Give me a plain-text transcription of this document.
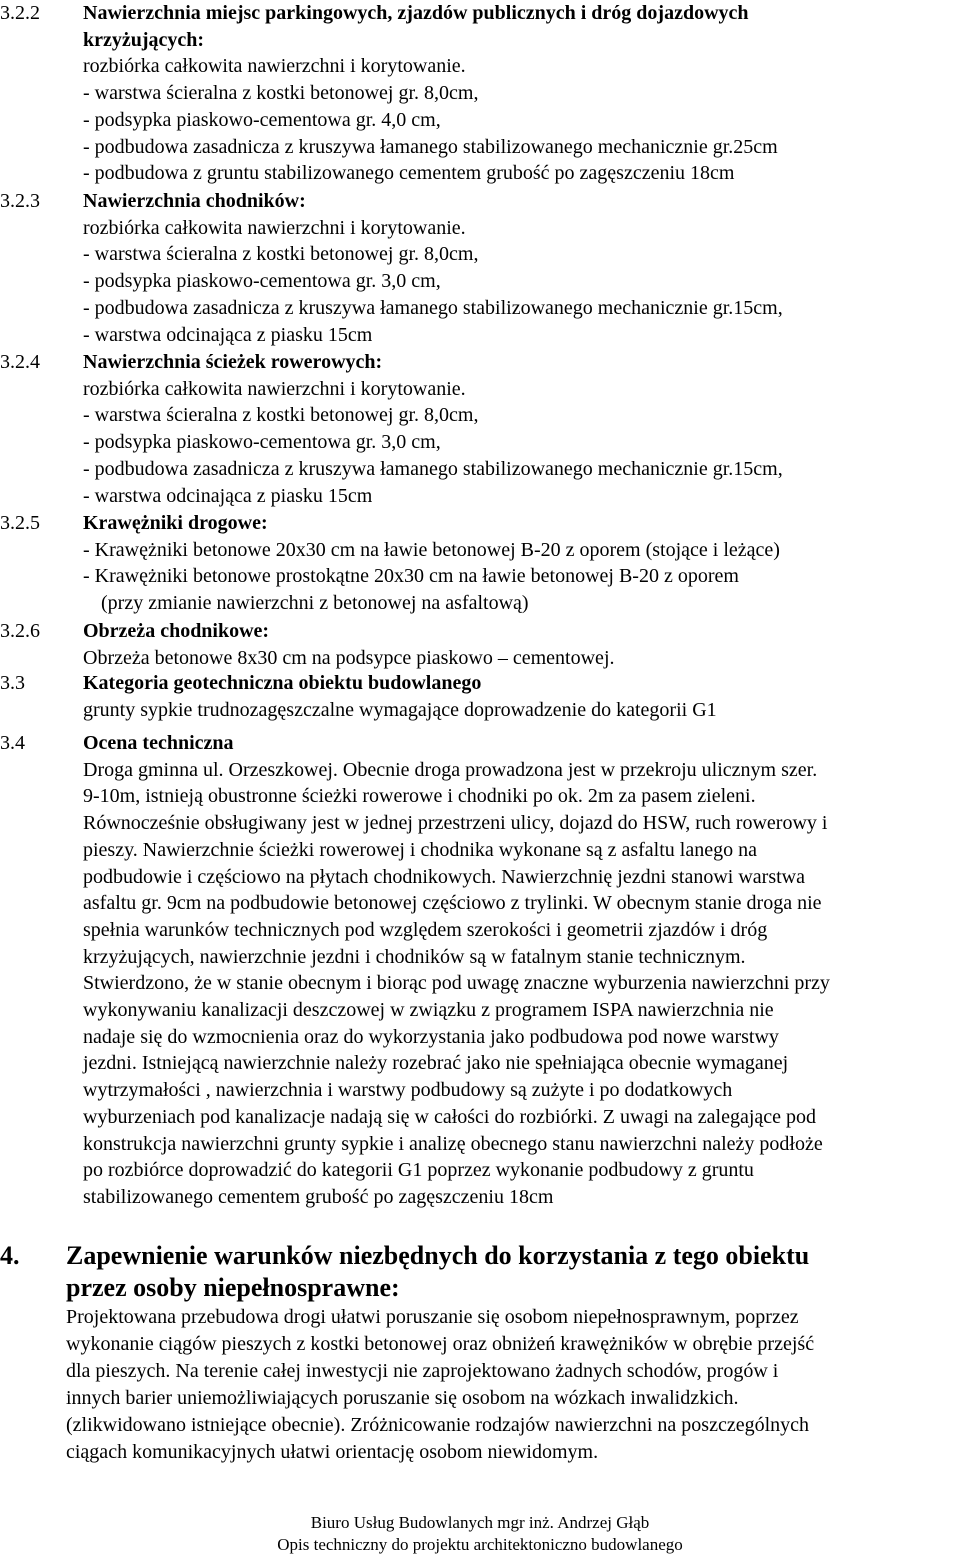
3.2.2	Nawierzchnia miejsc parkingowych, zjazdów publicznych i dróg dojazdowych
krzyżujących:
rozbiórka całkowita nawierzchni i korytowanie.
- warstwa ścieralna z kostki betonowej gr. 8,0cm,
- podsypka piaskowo-cementowa gr. 4,0 cm,
- podbudowa zasadnicza z kruszywa łamanego stabilizowanego mechanicznie gr.25cm
- podbudowa z gruntu stabilizowanego cementem grubość po zagęszczeniu 18cm
3.2.3	Nawierzchnia chodników:
rozbiórka całkowita nawierzchni i korytowanie.
- warstwa ścieralna z kostki betonowej gr. 8,0cm,
- podsypka piaskowo-cementowa gr. 3,0 cm,
- podbudowa zasadnicza z kruszywa łamanego stabilizowanego mechanicznie gr.15cm,
- warstwa odcinająca z piasku 15cm
3.2.4	Nawierzchnia ścieżek rowerowych:
rozbiórka całkowita nawierzchni i korytowanie.
- warstwa ścieralna z kostki betonowej gr. 8,0cm,
- podsypka piaskowo-cementowa gr. 3,0 cm,
- podbudowa zasadnicza z kruszywa łamanego stabilizowanego mechanicznie gr.15cm,
- warstwa odcinająca z piasku 15cm
3.2.5	Krawężniki drogowe:
- Krawężniki betonowe 20x30 cm na ławie betonowej B-20 z oporem (stojące i leżące)
- Krawężniki betonowe prostokątne 20x30 cm na ławie betonowej B-20 z oporem
(przy zmianie nawierzchni z betonowej na asfaltową)
3.2.6	Obrzeża chodnikowe:
Obrzeża betonowe 8x30 cm na podsypce piaskowo – cementowej.
3.3	Kategoria geotechniczna obiektu budowlanego
grunty sypkie trudnozagęszczalne wymagające doprowadzenie do kategorii G1
3.4	Ocena techniczna
Droga gminna ul. Orzeszkowej. Obecnie droga prowadzona jest w przekroju ulicznym szer.
9-10m, istnieją obustronne ścieżki rowerowe i chodniki po ok. 2m za pasem zieleni.
Równocześnie obsługiwany jest w jednej przestrzeni ulicy, dojazd do HSW, ruch rowerowy i
pieszy. Nawierzchnie ścieżki rowerowej i chodnika wykonane są z asfaltu lanego na
podbudowie i częściowo na płytach chodnikowych. Nawierzchnię jezdni stanowi warstwa
asfaltu gr. 9cm na podbudowie betonowej częściowo z trylinki. W obecnym stanie droga nie
spełnia warunków technicznych pod względem szerokości i geometrii zjazdów i dróg
krzyżujących, nawierzchnie jezdni i chodników są w fatalnym stanie technicznym.
Stwierdzono, że w stanie obecnym i biorąc pod uwagę znaczne wyburzenia nawierzchni przy
wykonywaniu kanalizacji deszczowej w związku z programem ISPA nawierzchnia nie
nadaje się do wzmocnienia oraz do wykorzystania jako podbudowa pod nowe warstwy
jezdni. Istniejącą nawierzchnie należy rozebrać jako nie spełniająca obecnie wymaganej
wytrzymałości , nawierzchnia i warstwy podbudowy są zużyte i po dodatkowych
wyburzeniach pod kanalizacje nadają się w całości do rozbiórki. Z uwagi na zalegające pod
konstrukcja nawierzchni grunty sypkie i analizę obecnego stanu nawierzchni należy podłoże
po rozbiórce doprowadzić do kategorii G1 poprzez wykonanie podbudowy z gruntu
stabilizowanego cementem grubość po zagęszczeniu 18cm
4. Zapewnienie warunków niezbędnych do korzystania z tego obiektu
przez osoby niepełnosprawne:
Projektowana przebudowa drogi ułatwi poruszanie się osobom niepełnosprawnym, poprzez
wykonanie ciągów pieszych z kostki betonowej oraz obniżeń krawężników w obrębie przejść
dla pieszych. Na terenie całej inwestycji nie zaprojektowano żadnych schodów, progów i
innych barier uniemożliwiających poruszanie się osobom na wózkach inwalidzkich.
(zlikwidowano istniejące obecnie). Zróżnicowanie rodzajów nawierzchni na poszczególnych
ciągach komunikacyjnych ułatwi orientację osobom niewidomym.
Biuro Usług Budowlanych mgr inż. Andrzej Głąb
Opis techniczny do projektu architektoniczno budowlanego
